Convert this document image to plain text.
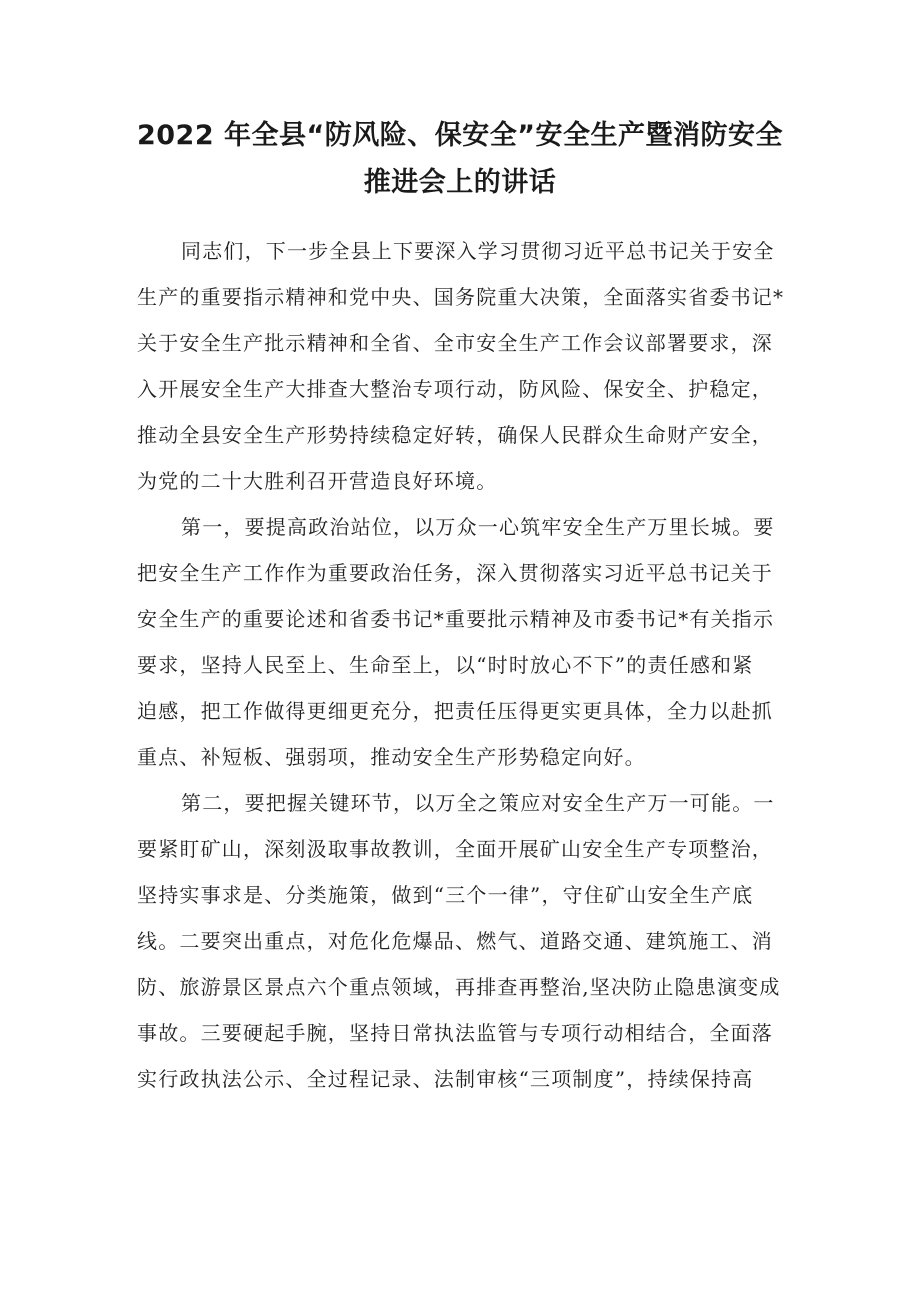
2022 年全县“防风险、保安全”安全生产暨消防安全
推进会上的讲话

同志们，下一步全县上下要深入学习贯彻习近平总书记关于安全
生产的重要指示精神和党中央、国务院重大决策，全面落实省委书记*
关于安全生产批示精神和全省、全市安全生产工作会议部署要求，深
入开展安全生产大排查大整治专项行动，防风险、保安全、护稳定，
推动全县安全生产形势持续稳定好转，确保人民群众生命财产安全，
为党的二十大胜利召开营造良好环境。

第一，要提高政治站位，以万众一心筑牢安全生产万里长城。要
把安全生产工作作为重要政治任务，深入贯彻落实习近平总书记关于
安全生产的重要论述和省委书记*重要批示精神及市委书记*有关指示
要求，坚持人民至上、生命至上，以“时时放心不下”的责任感和紧
迫感，把工作做得更细更充分，把责任压得更实更具体，全力以赴抓
重点、补短板、强弱项，推动安全生产形势稳定向好。

第二，要把握关键环节，以万全之策应对安全生产万一可能。一
要紧盯矿山，深刻汲取事故教训，全面开展矿山安全生产专项整治，
坚持实事求是、分类施策，做到“三个一律”，守住矿山安全生产底
线。二要突出重点，对危化危爆品、燃气、道路交通、建筑施工、消
防、旅游景区景点六个重点领域，再排查再整治,坚决防止隐患演变成
事故。三要硬起手腕，坚持日常执法监管与专项行动相结合，全面落
实行政执法公示、全过程记录、法制审核“三项制度”，持续保持高
